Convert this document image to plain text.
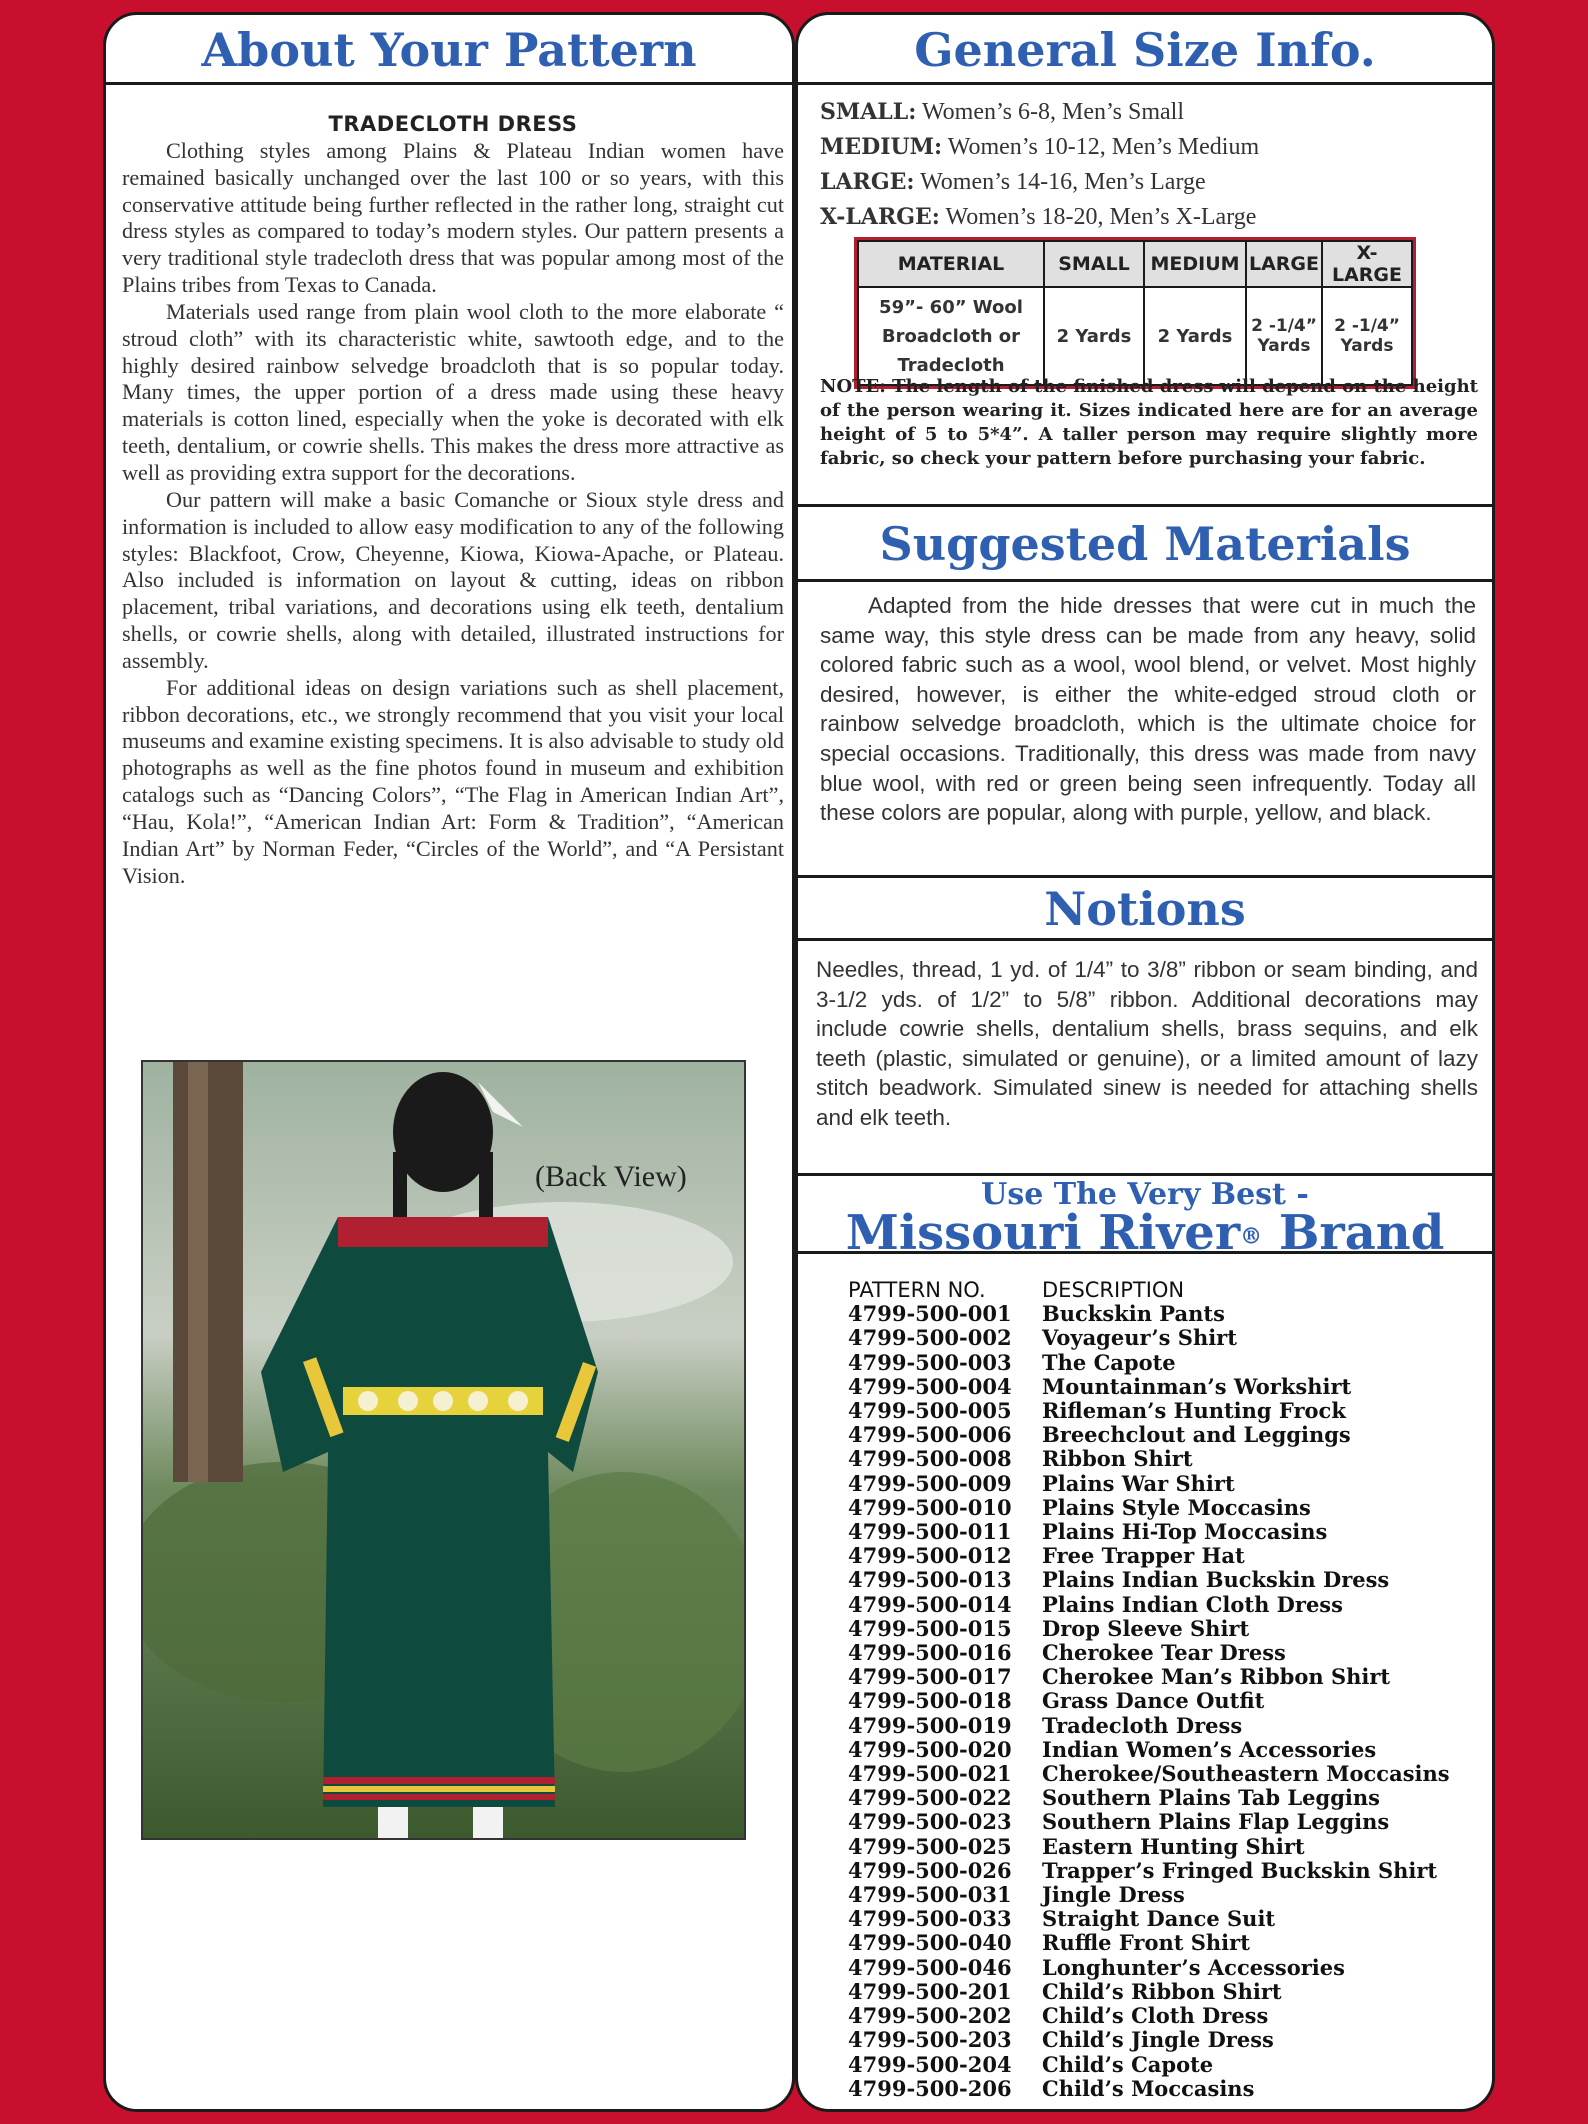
About Your Pattern
TRADECLOTH DRESS

Clothing styles among Plains & Plateau Indian women have remained basically unchanged over the last 100 or so years, with this conservative attitude being further reflected in the rather long, straight cut dress styles as compared to today’s modern styles. Our pattern presents a very traditional style tradecloth dress that was popular among most of the Plains tribes from Texas to Canada.

Materials used range from plain wool cloth to the more elaborate “ stroud cloth” with its characteristic white, sawtooth edge, and to the highly desired rainbow selvedge broadcloth that is so popular today. Many times, the upper portion of a dress made using these heavy materials is cotton lined, especially when the yoke is decorated with elk teeth, dentalium, or cowrie shells. This makes the dress more attractive as well as providing extra support for the decorations.

Our pattern will make a basic Comanche or Sioux style dress and information is included to allow easy modification to any of the following styles: Blackfoot, Crow, Cheyenne, Kiowa, Kiowa-Apache, or Plateau. Also included is information on layout & cutting, ideas on ribbon placement, tribal variations, and decorations using elk teeth, dentalium shells, or cowrie shells, along with detailed, illustrated instructions for assembly.

For additional ideas on design variations such as shell placement, ribbon decorations, etc., we strongly recommend that you visit your local museums and examine existing specimens. It is also advisable to study old photographs as well as the fine photos found in museum and exhibition catalogs such as “Dancing Colors”, “The Flag in American Indian Art”, “Hau, Kola!”, “American Indian Art: Form & Tradition”, “American Indian Art” by Norman Feder, “Circles of the World”, and “A Persistant Vision.

(Back View)
General Size Info.
SMALL: Women’s 6-8, Men’s Small
MEDIUM: Women’s 10-12, Men’s Medium
LARGE: Women’s 14-16, Men’s Large
X-LARGE: Women’s 18-20, Men’s X-Large
MATERIAL	SMALL	MEDIUM	LARGE	X-LARGE
59”- 60” Wool Broadcloth or Tradecloth	2 Yards	2 Yards	2 -1/4” Yards	2 -1/4” Yards
NOTE: The length of the finished dress will depend on the height of the person wearing it. Sizes indicated here are for an average height of 5 to 5*4”. A taller person may require slightly more fabric, so check your pattern before purchasing your fabric.
Suggested Materials
Adapted from the hide dresses that were cut in much the same way, this style dress can be made from any heavy, solid colored fabric such as a wool, wool blend, or velvet. Most highly desired, however, is either the white-edged stroud cloth or rainbow selvedge broadcloth, which is the ultimate choice for special occasions. Traditionally, this dress was made from navy blue wool, with red or green being seen infrequently. Today all these colors are popular, along with purple, yellow, and black.
Notions
Needles, thread, 1 yd. of 1/4” to 3/8” ribbon or seam binding, and 3-1/2 yds. of 1/2” to 5/8” ribbon. Additional decorations may include cowrie shells, dentalium shells, brass sequins, and elk teeth (plastic, simulated or genuine), or a limited amount of lazy stitch beadwork. Simulated sinew is needed for attaching shells and elk teeth.
Use The Very Best -
Missouri River® Brand
PATTERN NO.	DESCRIPTION
4799-500-001	Buckskin Pants
4799-500-002	Voyageur’s Shirt
4799-500-003	The Capote
4799-500-004	Mountainman’s Workshirt
4799-500-005	Rifleman’s Hunting Frock
4799-500-006	Breechclout and Leggings
4799-500-008	Ribbon Shirt
4799-500-009	Plains War Shirt
4799-500-010	Plains Style Moccasins
4799-500-011	Plains Hi-Top Moccasins
4799-500-012	Free Trapper Hat
4799-500-013	Plains Indian Buckskin Dress
4799-500-014	Plains Indian Cloth Dress
4799-500-015	Drop Sleeve Shirt
4799-500-016	Cherokee Tear Dress
4799-500-017	Cherokee Man’s Ribbon Shirt
4799-500-018	Grass Dance Outfit
4799-500-019	Tradecloth Dress
4799-500-020	Indian Women’s Accessories
4799-500-021	Cherokee/Southeastern Moccasins
4799-500-022	Southern Plains Tab Leggins
4799-500-023	Southern Plains Flap Leggins
4799-500-025	Eastern Hunting Shirt
4799-500-026	Trapper’s Fringed Buckskin Shirt
4799-500-031	Jingle Dress
4799-500-033	Straight Dance Suit
4799-500-040	Ruffle Front Shirt
4799-500-046	Longhunter’s Accessories
4799-500-201	Child’s Ribbon Shirt
4799-500-202	Child’s Cloth Dress
4799-500-203	Child’s Jingle Dress
4799-500-204	Child’s Capote
4799-500-206	Child’s Moccasins
